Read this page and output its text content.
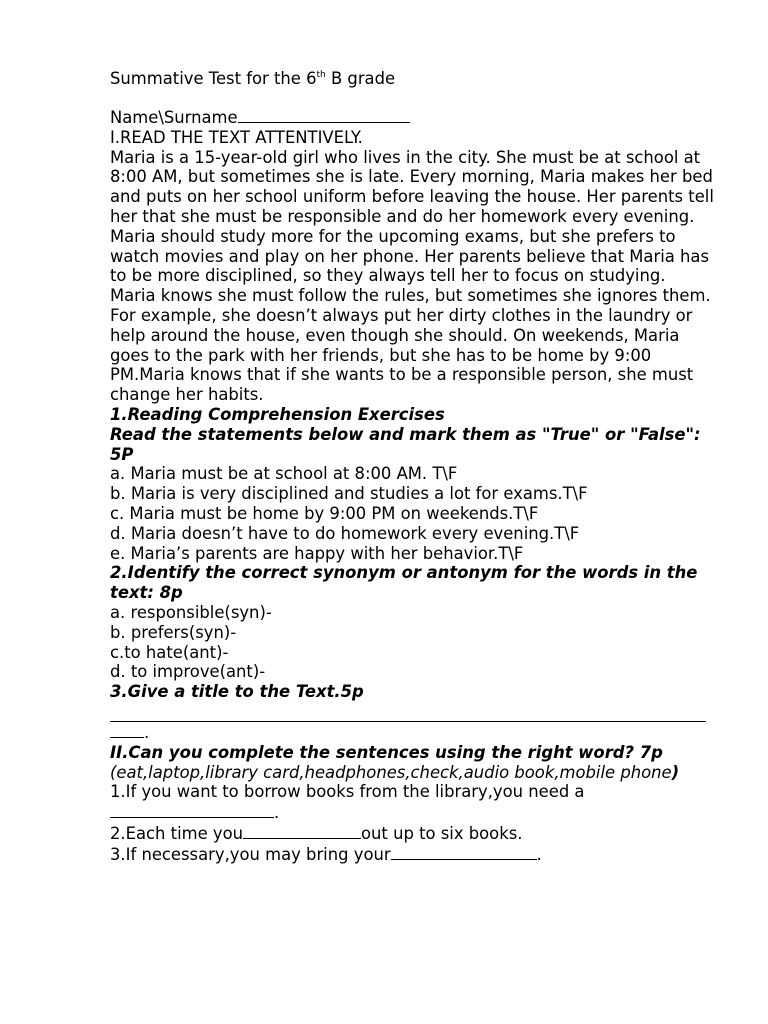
Summative Test for the 6th B grade

Name\Surname

I.READ THE TEXT ATTENTIVELY.

Maria is a 15-year-old girl who lives in the city. She must be at school at 8:00 AM, but sometimes she is late. Every morning, Maria makes her bed and puts on her school uniform before leaving the house. Her parents tell her that she must be responsible and do her homework every evening. Maria should study more for the upcoming exams, but she prefers to watch movies and play on her phone. Her parents believe that Maria has to be more disciplined, so they always tell her to focus on studying.

Maria knows she must follow the rules, but sometimes she ignores them. For example, she doesn’t always put her dirty clothes in the laundry or help around the house, even though she should. On weekends, Maria goes to the park with her friends, but she has to be home by 9:00 PM.Maria knows that if she wants to be a responsible person, she must change her habits.

1.Reading Comprehension Exercises

Read the statements below and mark them as "True" or "False": 5P

a. Maria must be at school at 8:00 AM. T\F

b. Maria is very disciplined and studies a lot for exams.T\F

c. Maria must be home by 9:00 PM on weekends.T\F

d. Maria doesn’t have to do homework every evening.T\F

e. Maria’s parents are happy with her behavior.T\F

2.Identify the correct synonym or antonym for the words in the text: 8p

a. responsible(syn)-

b. prefers(syn)-

c.to hate(ant)-

d. to improve(ant)-

3.Give a title to the Text.5p

.

II.Can you complete the sentences using the right word? 7p

(eat,laptop,library card,headphones,check,audio book,mobile phone)

1.If you want to borrow books from the library,you need a

.

2.Each time you	out up to six books.

3.If necessary,you may bring your	.
